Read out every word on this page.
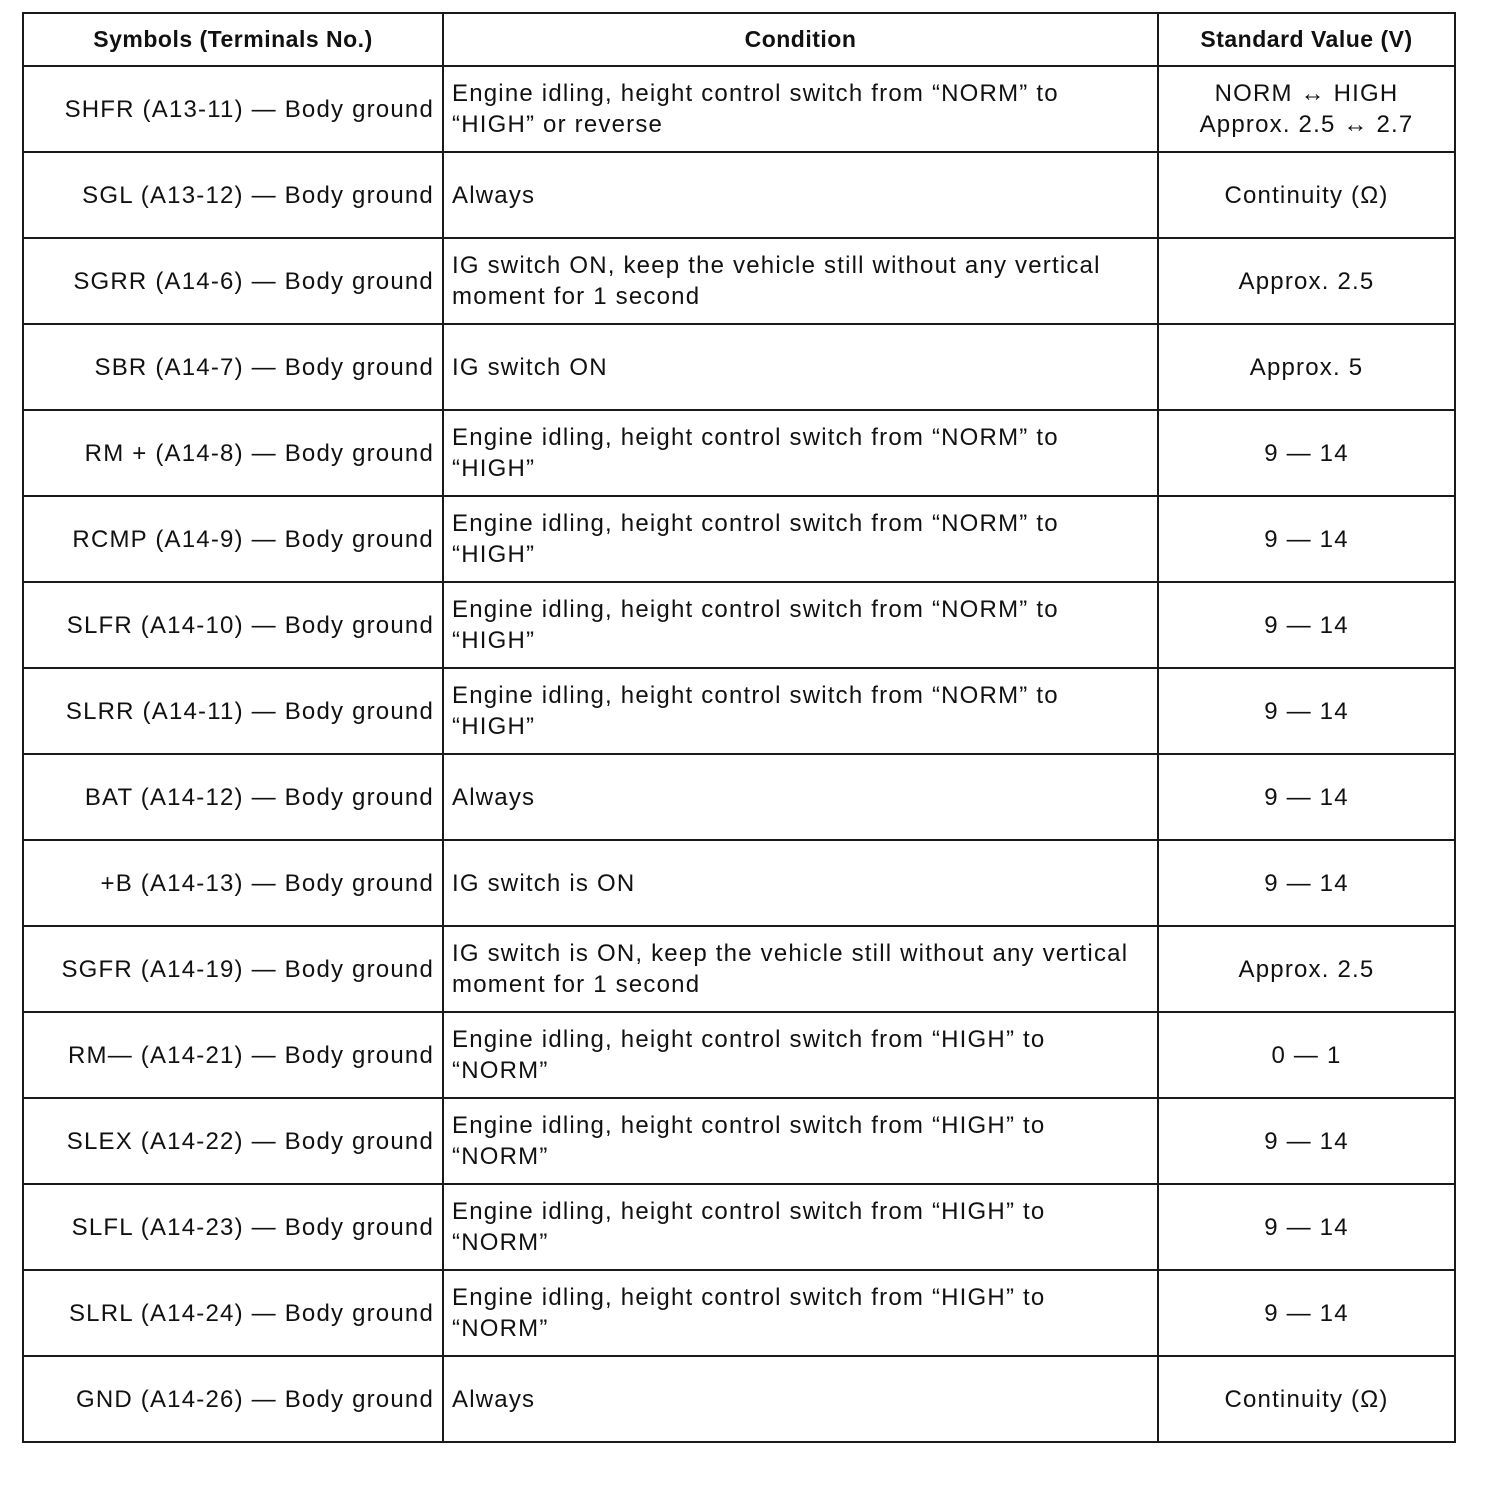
Symbols (Terminals No.)	Condition	Standard Value (V)
SHFR (A13-11) — Body ground	Engine idling, height control switch from “NORM” to “HIGH” or reverse	NORM ↔ HIGH
Approx. 2.5 ↔ 2.7

SGL (A13-12) — Body ground	Always	Continuity (Ω)

SGRR (A14-6) — Body ground	IG switch ON, keep the vehicle still without any vertical moment for 1 second	Approx. 2.5

SBR (A14-7) — Body ground	IG switch ON	Approx. 5

RM + (A14-8) — Body ground	Engine idling, height control switch from “NORM” to “HIGH”	9 — 14

RCMP (A14-9) — Body ground	Engine idling, height control switch from “NORM” to “HIGH”	9 — 14

SLFR (A14-10) — Body ground	Engine idling, height control switch from “NORM” to “HIGH”	9 — 14

SLRR (A14-11) — Body ground	Engine idling, height control switch from “NORM” to “HIGH”	9 — 14

BAT (A14-12) — Body ground	Always	9 — 14

+B (A14-13) — Body ground	IG switch is ON	9 — 14

SGFR (A14-19) — Body ground	IG switch is ON, keep the vehicle still without any vertical moment for 1 second	Approx. 2.5

RM— (A14-21) — Body ground	Engine idling, height control switch from “HIGH” to “NORM”	0 — 1

SLEX (A14-22) — Body ground	Engine idling, height control switch from “HIGH” to “NORM”	9 — 14

SLFL (A14-23) — Body ground	Engine idling, height control switch from “HIGH” to “NORM”	9 — 14

SLRL (A14-24) — Body ground	Engine idling, height control switch from “HIGH” to “NORM”	9 — 14

GND (A14-26) — Body ground	Always	Continuity (Ω)
